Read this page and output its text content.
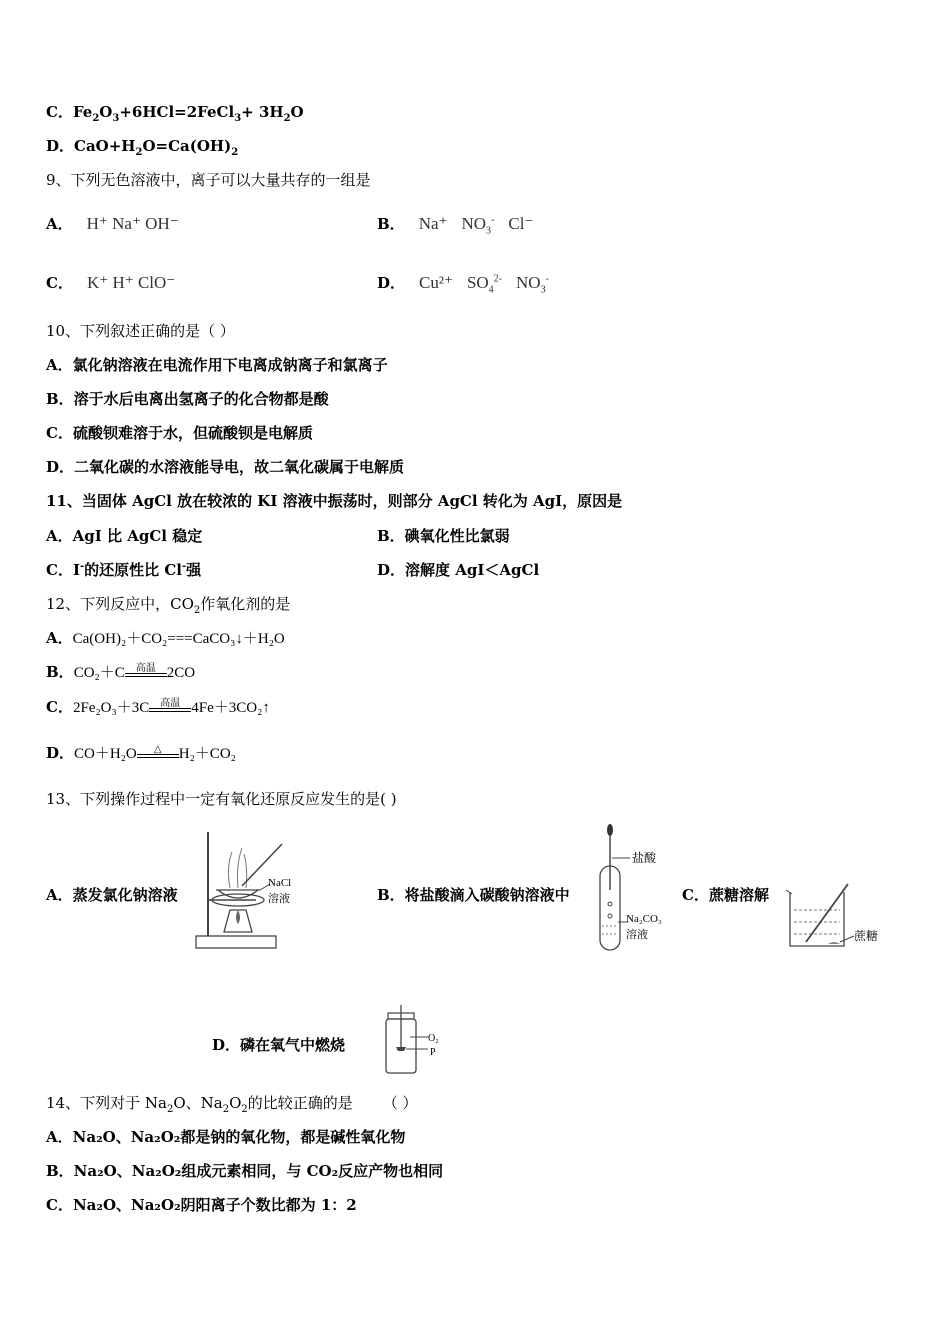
C．$Fe_2O_3+6HCl=2FeCl_3+ 3H_2O$
D．$CaO+H_2O=Ca(OH)_2$
9、下列无色溶液中，离子可以大量共存的一组是
A． H⁺ Na⁺ OH⁻	B． Na⁺ $NO_3^-$ Cl⁻
C． K⁺ H⁺ ClO⁻	D． Cu²⁺ $SO_4^{2-}$ $NO_3^-$
10、下列叙述正确的是（ ）
A．氯化钠溶液在电流作用下电离成钠离子和氯离子
B．溶于水后电离出氢离子的化合物都是酸
C．硫酸钡难溶于水，但硫酸钡是电解质
D．二氧化碳的水溶液能导电，故二氧化碳属于电解质
11、当固体 AgCl 放在较浓的 KI 溶液中振荡时，则部分 AgCl 转化为 AgI，原因是
A．AgI 比 AgCl 稳定	B．碘氧化性比氯弱
C．I-的还原性比 Cl-强	D．溶解度 AgI＜AgCl
12、下列反应中，$CO_2$作氧化剂的是
A．Ca(OH)₂＋CO₂===CaCO₃↓＋H₂O
B．CO₂＋C	高温 2CO
C．2Fe₂O₃＋3C	高温 4Fe＋3CO₂↑
D．CO＋H₂O	△	H₂＋CO₂
13、下列操作过程中一定有氧化还原反应发生的是( )
A．蒸发氯化钠溶液
NaCl
溶液	B．将盐酸滴入碳酸钠溶液中
盐酸
Na₂CO₃
溶液
C．蔗糖溶解
蔗糖
D．磷在氧气中燃烧	O₂
P
14、下列对于 $Na_2O$、$Na_2O_2$的比较正确的是 （ ）
A．Na₂O、Na₂O₂都是钠的氧化物，都是碱性氧化物
B．Na₂O、Na₂O₂组成元素相同，与 CO₂反应产物也相同
C．Na₂O、Na₂O₂阴阳离子个数比都为 1：2
